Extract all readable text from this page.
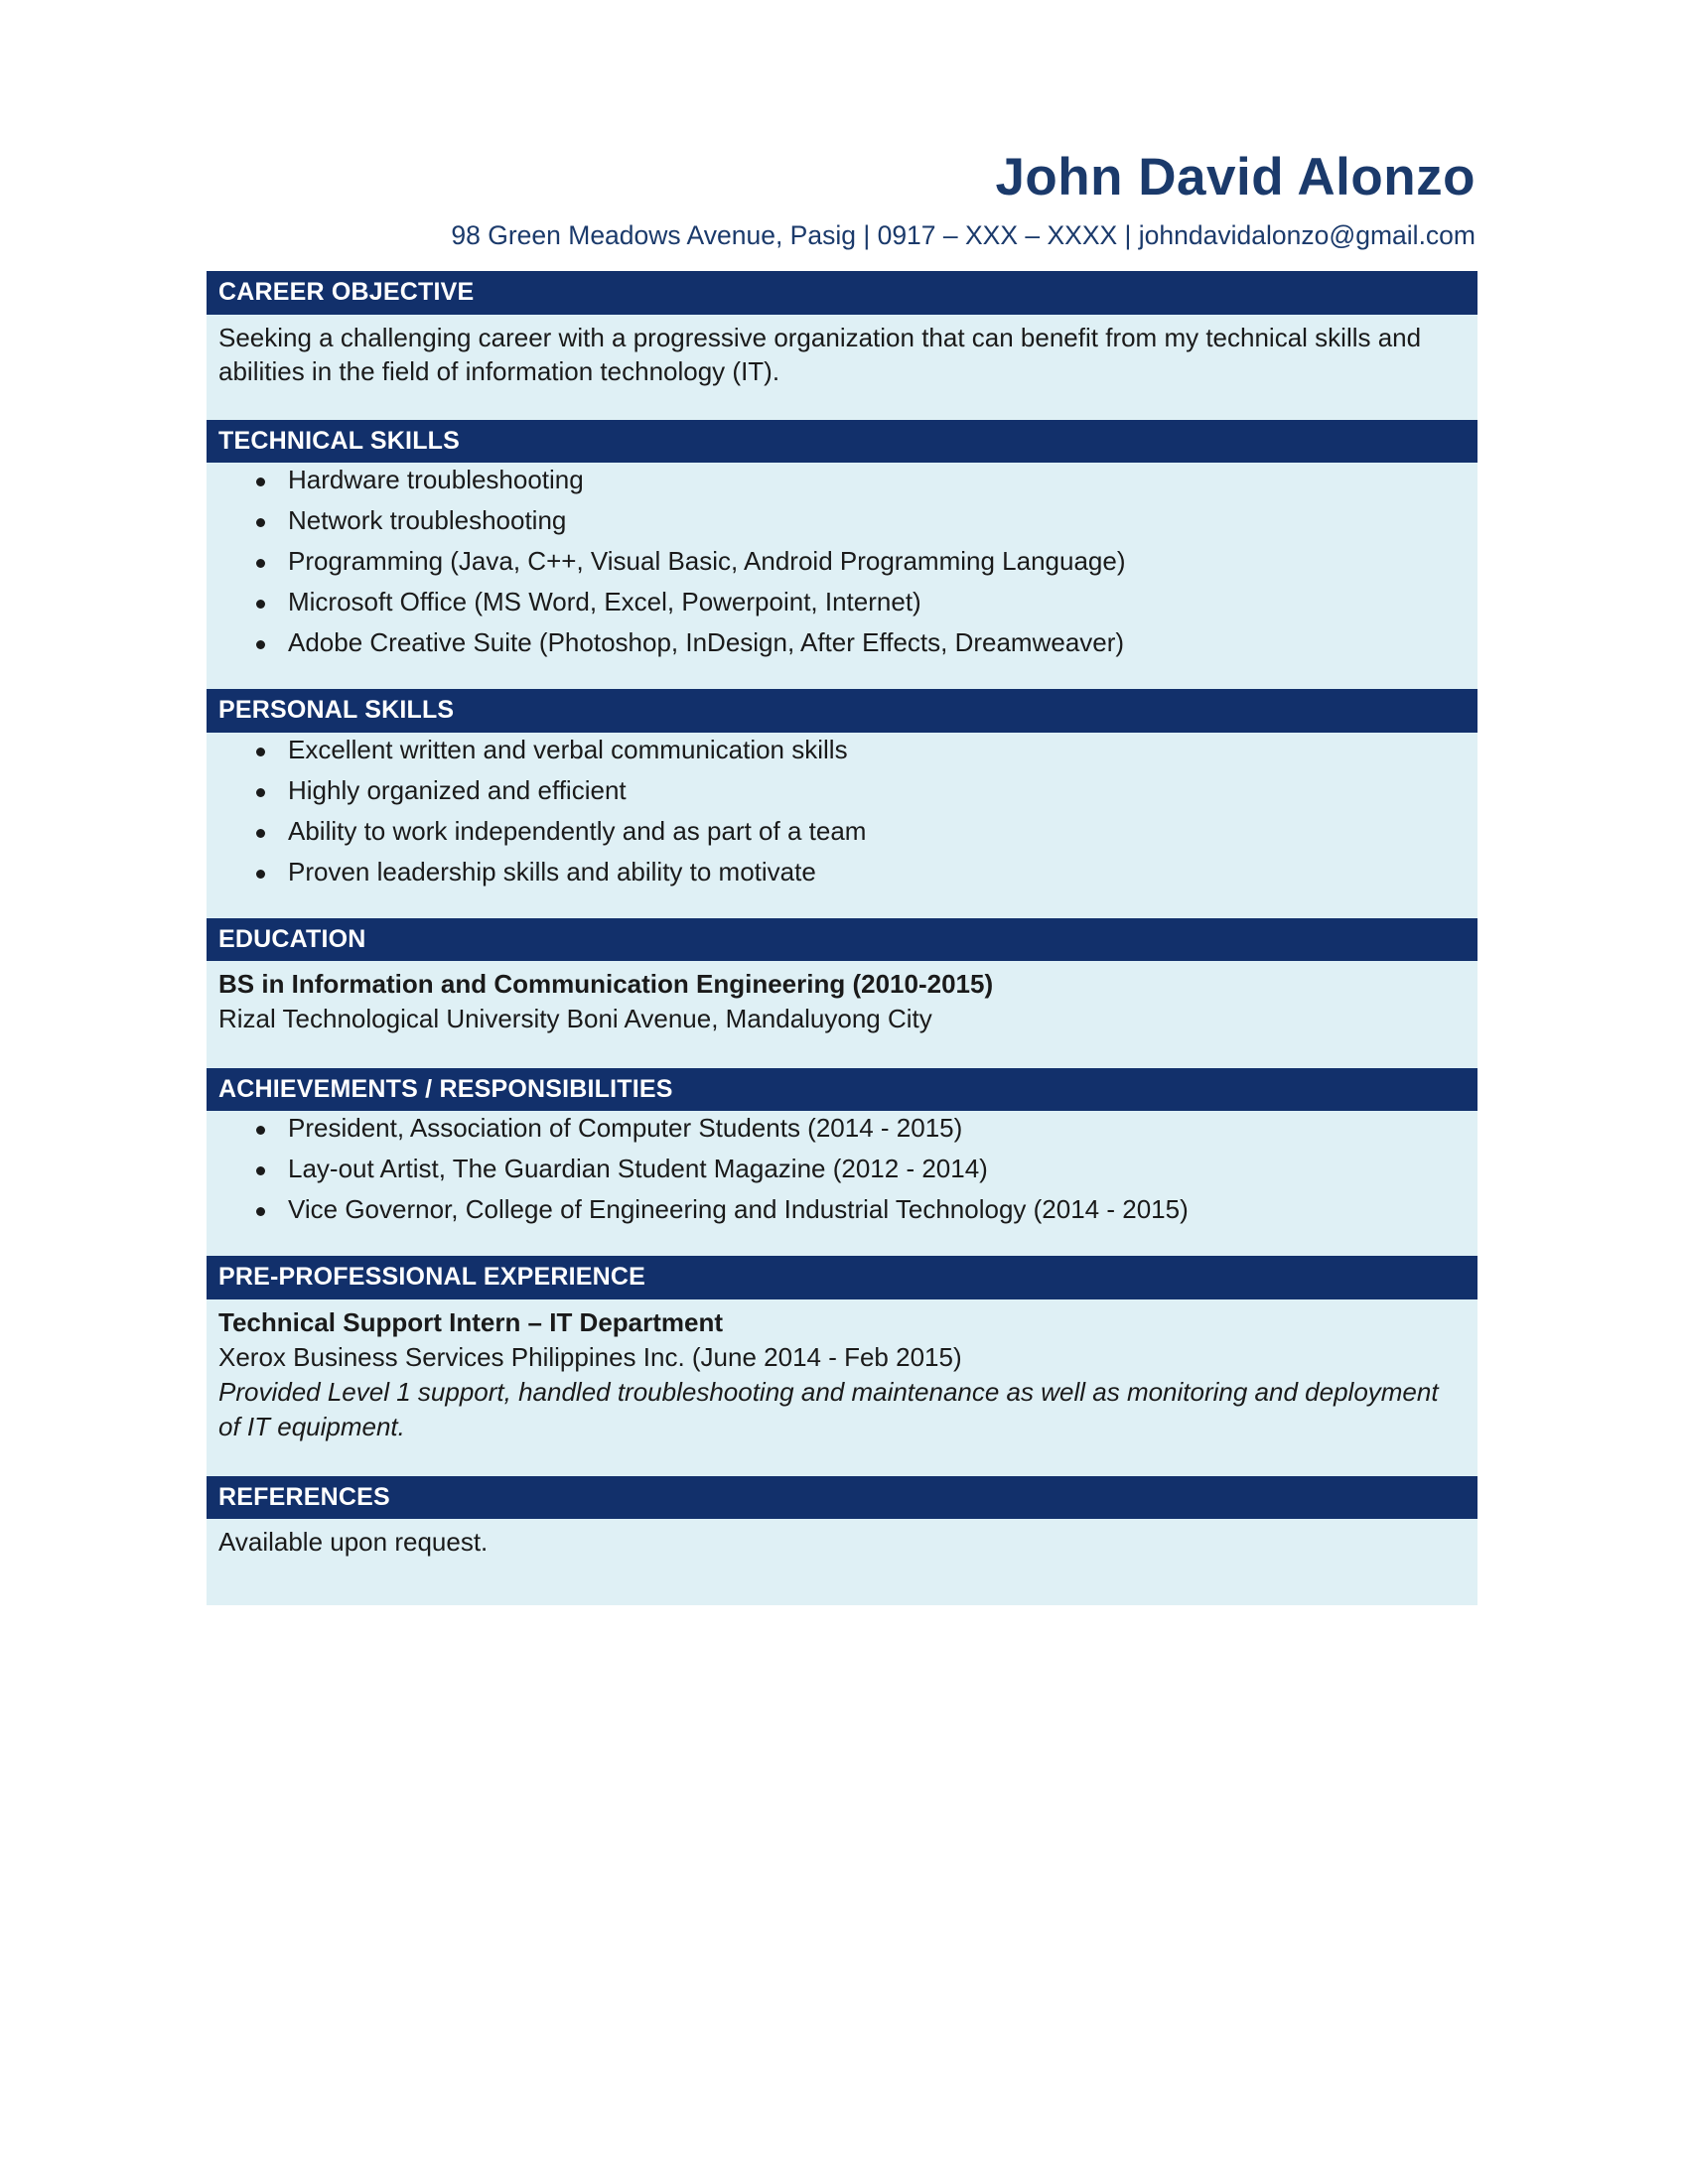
John David Alonzo
98 Green Meadows Avenue, Pasig | 0917 – XXX – XXXX | johndavidalonzo@gmail.com
CAREER OBJECTIVE

Seeking a challenging career with a progressive organization that can benefit from my technical skills and abilities in the field of information technology (IT).

TECHNICAL SKILLS
Hardware troubleshooting
Network troubleshooting
Programming (Java, C++, Visual Basic, Android Programming Language)
Microsoft Office (MS Word, Excel, Powerpoint, Internet)
Adobe Creative Suite (Photoshop, InDesign, After Effects, Dreamweaver)
PERSONAL SKILLS
Excellent written and verbal communication skills
Highly organized and efficient
Ability to work independently and as part of a team
Proven leadership skills and ability to motivate
EDUCATION
BS in Information and Communication Engineering (2010-2015)
Rizal Technological University Boni Avenue, Mandaluyong City
ACHIEVEMENTS / RESPONSIBILITIES
President, Association of Computer Students (2014 - 2015)
Lay-out Artist, The Guardian Student Magazine (2012 - 2014)
Vice Governor, College of Engineering and Industrial Technology (2014 - 2015)
PRE-PROFESSIONAL EXPERIENCE
Technical Support Intern – IT Department
Xerox Business Services Philippines Inc. (June 2014 - Feb 2015)
Provided Level 1 support, handled troubleshooting and maintenance as well as monitoring and deployment of IT equipment.
REFERENCES

Available upon request.
